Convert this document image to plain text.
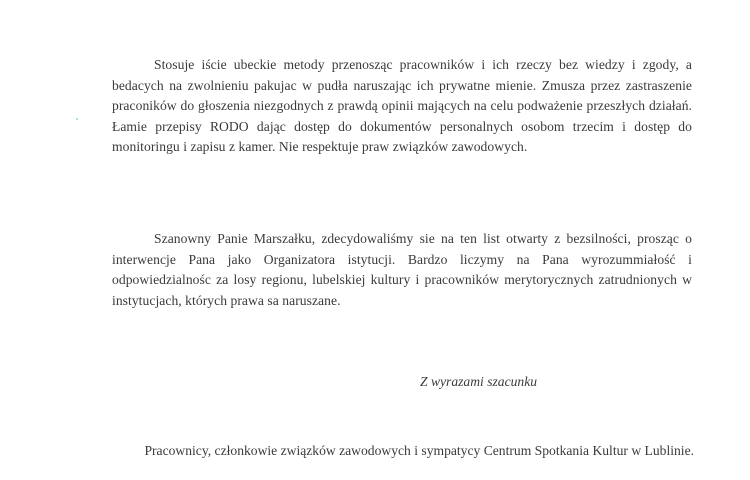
Stosuje iście ubeckie metody przenosząc pracowników i ich rzeczy bez wiedzy i zgody, a bedacych na zwolnieniu pakujac w pudła naruszając ich prywatne mienie. Zmusza przez zastraszenie praconików do głoszenia niezgodnych z prawdą opinii mających na celu podważenie przeszłych działań. Łamie przepisy RODO dając dostęp do dokumentów personalnych osobom trzecim i dostęp do monitoringu i zapisu z kamer. Nie respektuje praw związków zawodowych.

Szanowny Panie Marszałku, zdecydowaliśmy sie na ten list otwarty z bezsilności, prosząc o interwencje Pana jako Organizatora istytucji. Bardzo liczymy na Pana wyrozummiałość i odpowiedzialnośc za losy regionu, lubelskiej kultury i pracowników merytorycznych zatrudnionych w instytucjach, których prawa sa naruszane.

Z wyrazami szacunku

Pracownicy, członkowie związków zawodowych i sympatycy Centrum Spotkania Kultur w Lublinie.
